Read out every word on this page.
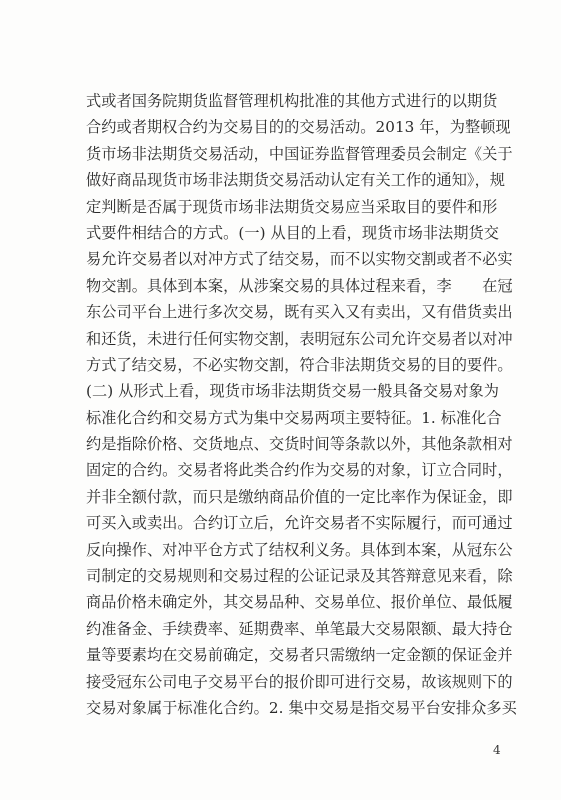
式或者国务院期货监督管理机构批准的其他方式进行的以期货
合约或者期权合约为交易目的的交易活动。2013 年，为整顿现
货市场非法期货交易活动，中国证券监督管理委员会制定《关于
做好商品现货市场非法期货交易活动认定有关工作的通知》，规
定判断是否属于现货市场非法期货交易应当采取目的要件和形
式要件相结合的方式。(一) 从目的上看，现货市场非法期货交
易允许交易者以对冲方式了结交易，而不以实物交割或者不必实
物交割。具体到本案，从涉案交易的具体过程来看，李　　在冠
东公司平台上进行多次交易，既有买入又有卖出，又有借货卖出
和还货，未进行任何实物交割，表明冠东公司允许交易者以对冲
方式了结交易，不必实物交割，符合非法期货交易的目的要件。
(二) 从形式上看，现货市场非法期货交易一般具备交易对象为
标准化合约和交易方式为集中交易两项主要特征。1. 标准化合
约是指除价格、交货地点、交货时间等条款以外，其他条款相对
固定的合约。交易者将此类合约作为交易的对象，订立合同时，
并非全额付款，而只是缴纳商品价值的一定比率作为保证金，即
可买入或卖出。合约订立后，允许交易者不实际履行，而可通过
反向操作、对冲平仓方式了结权利义务。具体到本案，从冠东公
司制定的交易规则和交易过程的公证记录及其答辩意见来看，除
商品价格未确定外，其交易品种、交易单位、报价单位、最低履
约准备金、手续费率、延期费率、单笔最大交易限额、最大持仓
量等要素均在交易前确定，交易者只需缴纳一定金额的保证金并
接受冠东公司电子交易平台的报价即可进行交易，故该规则下的
交易对象属于标准化合约。2. 集中交易是指交易平台安排众多买
4
